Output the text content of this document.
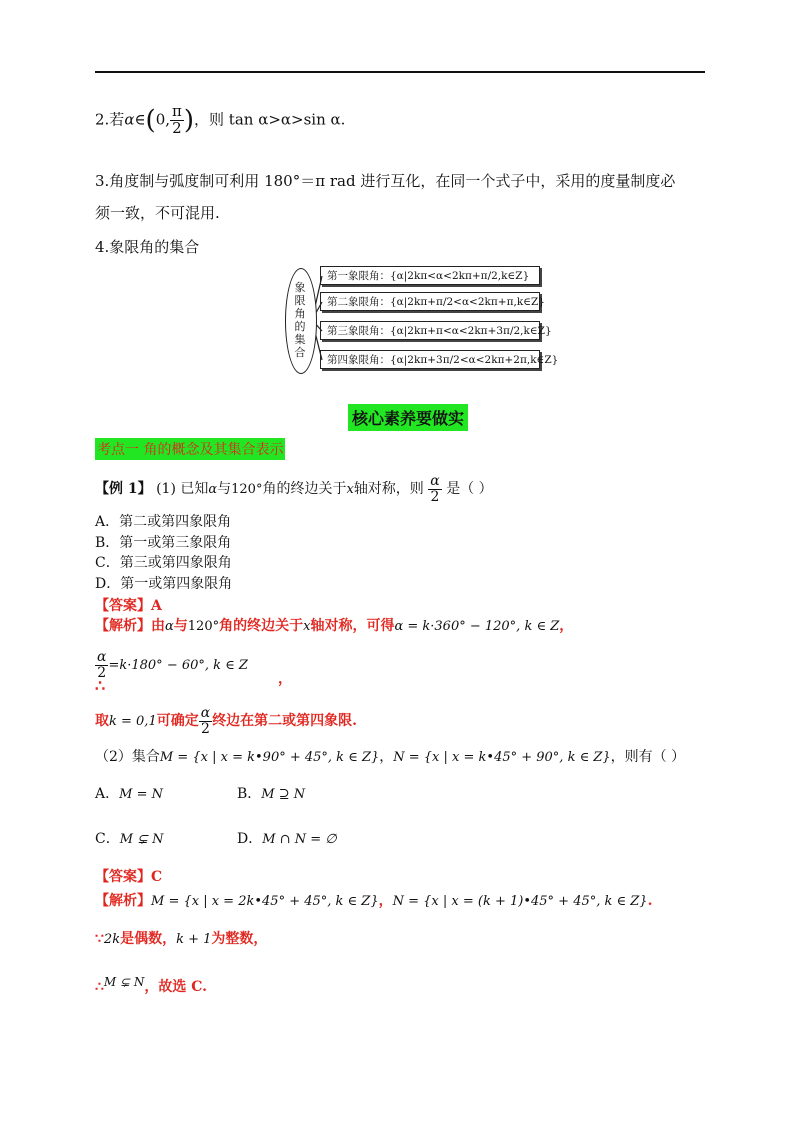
2.若α∈(0, $\frac{\pi}{2}$ )，则 tan α>α>sin α.
3.角度制与弧度制可利用 180°＝π rad 进行互化，在同一个式子中，采用的度量制度必
须一致，不可混用.
4.象限角的集合
象限角的集合
第一象限角：{α|2kπ<α<2kπ+π/2,k∈Z}
第二象限角：{α|2kπ+π/2<α<2kπ+π,k∈Z}
第三象限角：{α|2kπ+π<α<2kπ+3π/2,k∈Z}
第四象限角：{α|2kπ+3π/2<α<2kπ+2π,k∈Z}
核心素养要做实
考点一 角的概念及其集合表示
【例 1】 (1) 已知α与120°角的终边关于x轴对称，则 $\frac{\alpha}{2}$ 是（ ）
A．第二或第四象限角
B．第一或第三象限角
C．第三或第四象限角
D．第一或第四象限角
【答案】A
【解析】由α与120°角的终边关于x轴对称，可得α = k·360° − 120°, k ∈ Z，
$\frac{\alpha}{2} =k\cdot 180^\circ - 60^\circ$, k ∈ Z，
∴
取k = 0,1可确定 $\frac{\alpha}{2}$ 终边在第二或第四象限.
（2）集合M = {x | x = k•90° + 45°, k ∈ Z}，N = {x | x = k•45° + 90°, k ∈ Z}，则有（ ）
A．M = N	B．M ⊇ N
C．M ⊊ N	D．M ∩ N = ∅
【答案】C
【解析】M = {x | x = 2k•45° + 45°, k ∈ Z}，N = {x | x = (k + 1)•45° + 45°, k ∈ Z}.
∵2k是偶数，k + 1为整数，
∴M ⊊ N，故选 C.
